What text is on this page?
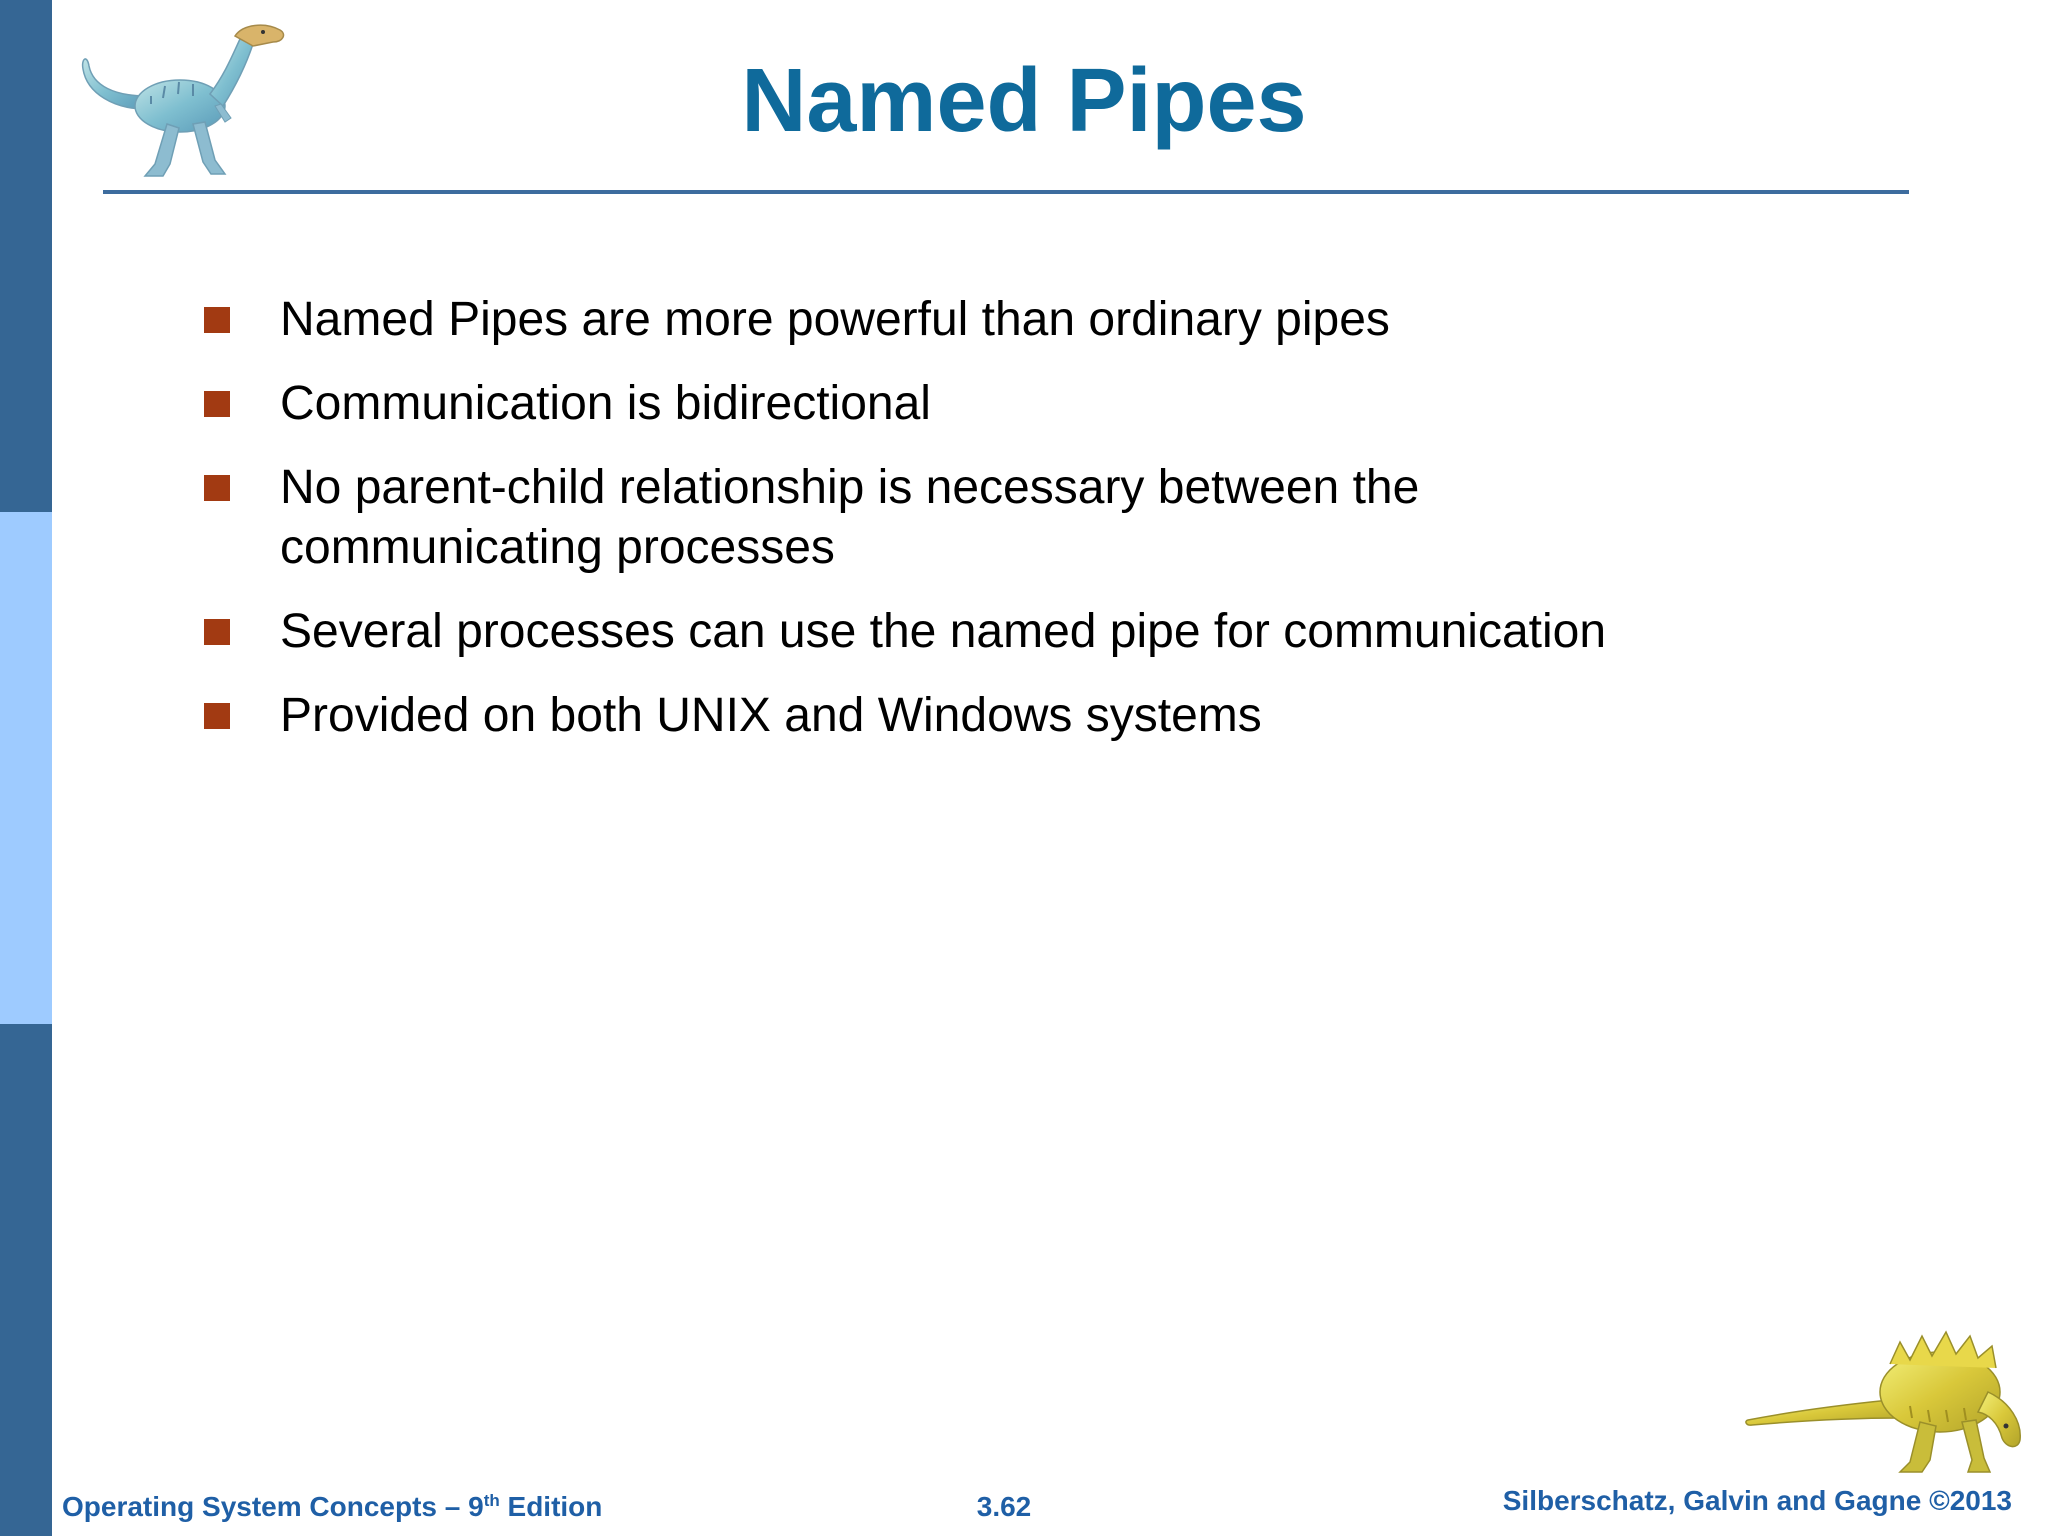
Named Pipes
Named Pipes are more powerful than ordinary pipes
Communication is bidirectional
No parent-child relationship is necessary between the communicating processes
Several processes can use the named pipe for communication
Provided on both UNIX and Windows systems
Operating System Concepts – 9th Edition	3.62	Silberschatz, Galvin and Gagne ©2013
